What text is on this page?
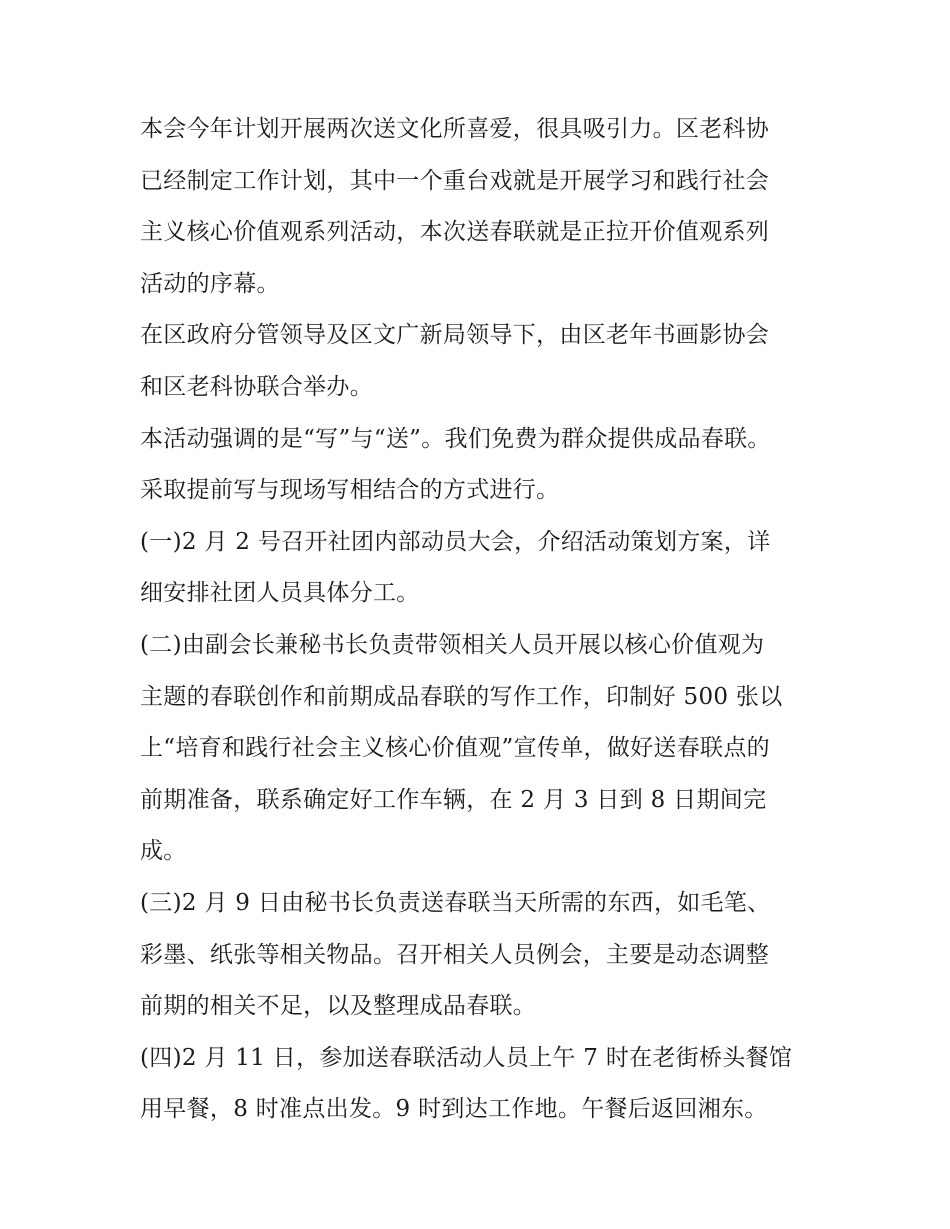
本会今年计划开展两次送文化所喜爱，很具吸引力。区老科协
已经制定工作计划，其中一个重台戏就是开展学习和践行社会
主义核心价值观系列活动，本次送春联就是正拉开价值观系列
活动的序幕。
在区政府分管领导及区文广新局领导下，由区老年书画影协会
和区老科协联合举办。
本活动强调的是“写”与“送”。我们免费为群众提供成品春联。
采取提前写与现场写相结合的方式进行。
(一)2 月 2 号召开社团内部动员大会，介绍活动策划方案，详
细安排社团人员具体分工。
(二)由副会长兼秘书长负责带领相关人员开展以核心价值观为
主题的春联创作和前期成品春联的写作工作，印制好 500 张以
上“培育和践行社会主义核心价值观”宣传单，做好送春联点的
前期准备，联系确定好工作车辆，在 2 月 3 日到 8 日期间完
成。
(三)2 月 9 日由秘书长负责送春联当天所需的东西，如毛笔、
彩墨、纸张等相关物品。召开相关人员例会，主要是动态调整
前期的相关不足，以及整理成品春联。
(四)2 月 11 日，参加送春联活动人员上午 7 时在老街桥头餐馆
用早餐，8 时准点出发。9 时到达工作地。午餐后返回湘东。
